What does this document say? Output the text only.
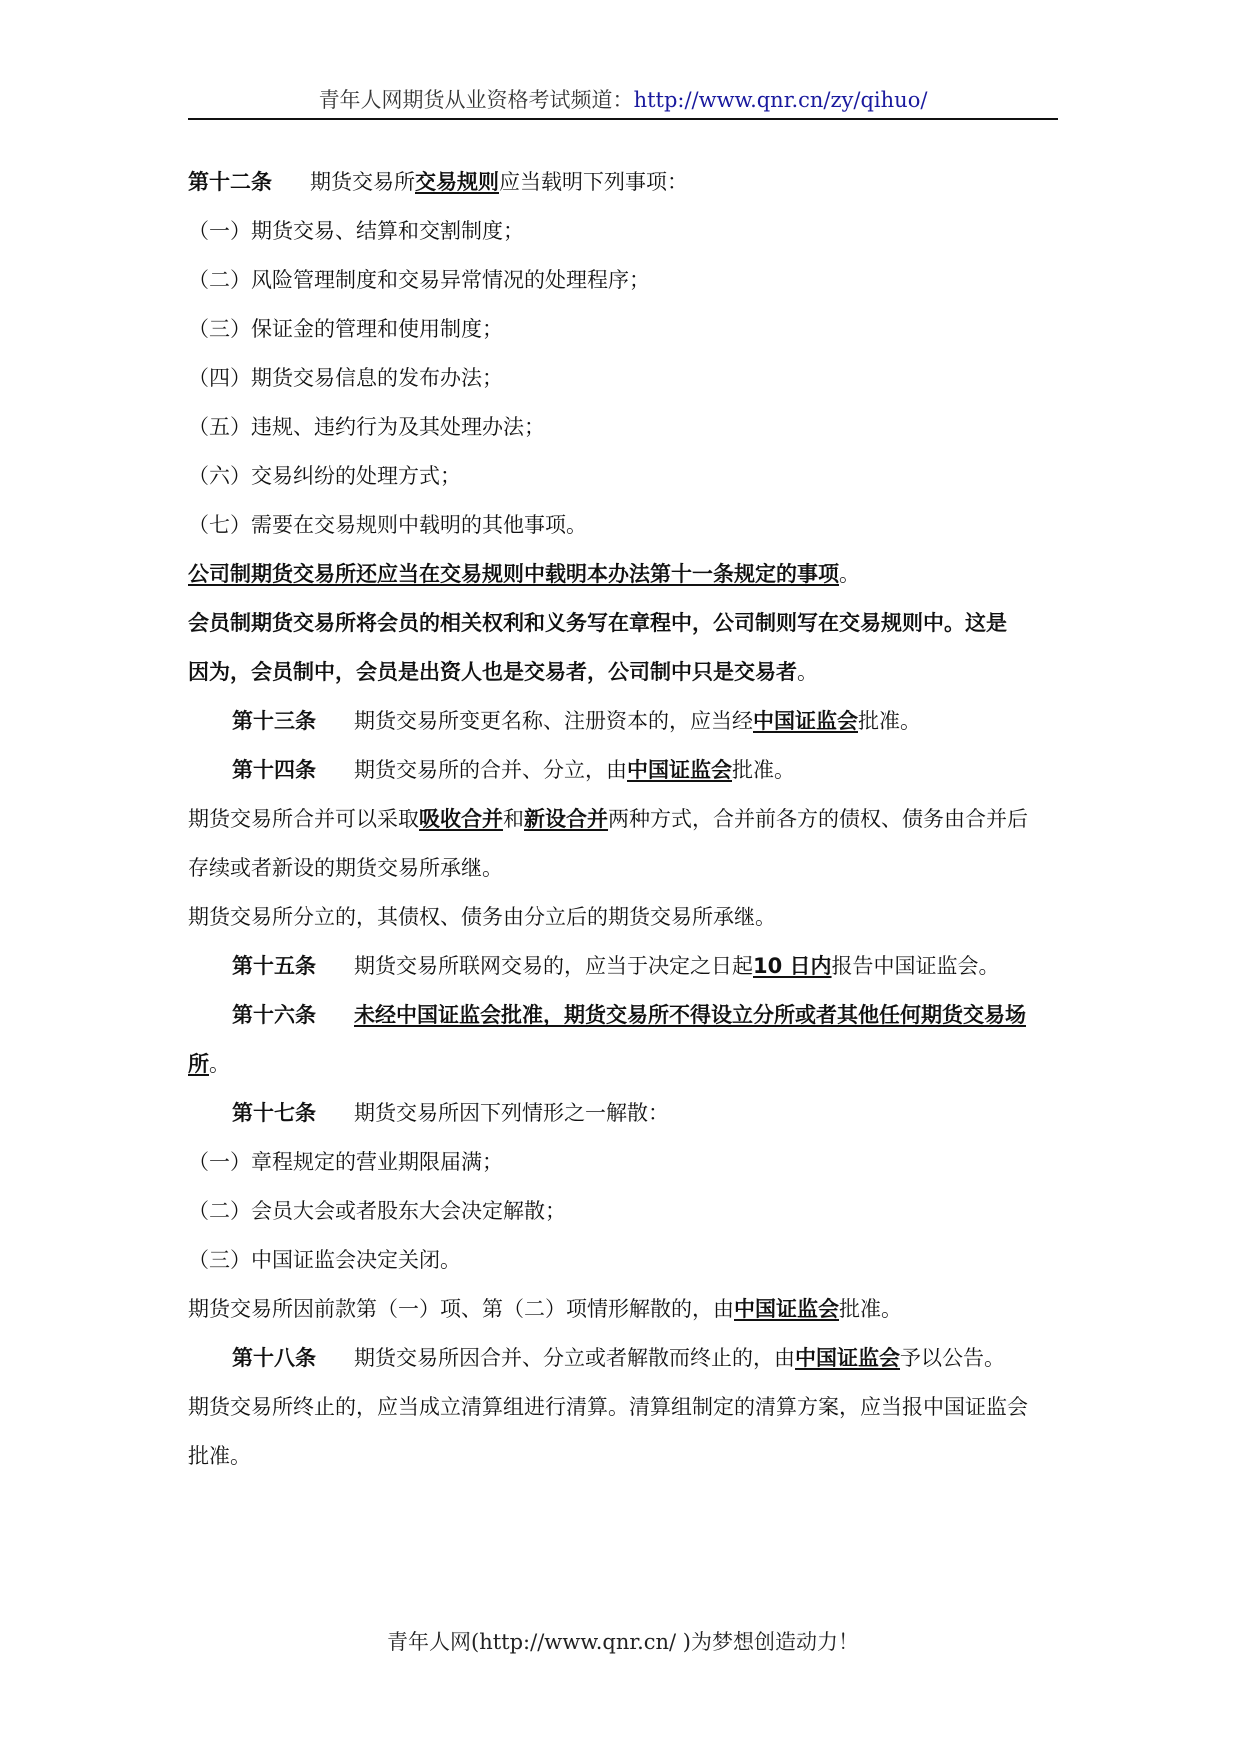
青年人网期货从业资格考试频道：http://www.qnr.cn/zy/qihuo/
第十二条 期货交易所交易规则应当载明下列事项：
（一）期货交易、结算和交割制度；
（二）风险管理制度和交易异常情况的处理程序；
（三）保证金的管理和使用制度；
（四）期货交易信息的发布办法；
（五）违规、违约行为及其处理办法；
（六）交易纠纷的处理方式；
（七）需要在交易规则中载明的其他事项。
公司制期货交易所还应当在交易规则中载明本办法第十一条规定的事项。
会员制期货交易所将会员的相关权利和义务写在章程中，公司制则写在交易规则中。这是
因为，会员制中，会员是出资人也是交易者，公司制中只是交易者。
第十三条 期货交易所变更名称、注册资本的，应当经中国证监会批准。
第十四条 期货交易所的合并、分立，由中国证监会批准。
期货交易所合并可以采取吸收合并和新设合并两种方式，合并前各方的债权、债务由合并后
存续或者新设的期货交易所承继。
期货交易所分立的，其债权、债务由分立后的期货交易所承继。
第十五条 期货交易所联网交易的，应当于决定之日起10 日内报告中国证监会。
第十六条 未经中国证监会批准，期货交易所不得设立分所或者其他任何期货交易场
所。
第十七条 期货交易所因下列情形之一解散：
（一）章程规定的营业期限届满；
（二）会员大会或者股东大会决定解散；
（三）中国证监会决定关闭。
期货交易所因前款第（一）项、第（二）项情形解散的，由中国证监会批准。
第十八条 期货交易所因合并、分立或者解散而终止的，由中国证监会予以公告。
期货交易所终止的，应当成立清算组进行清算。清算组制定的清算方案，应当报中国证监会
批准。
青年人网(http://www.qnr.cn/ )为梦想创造动力！
